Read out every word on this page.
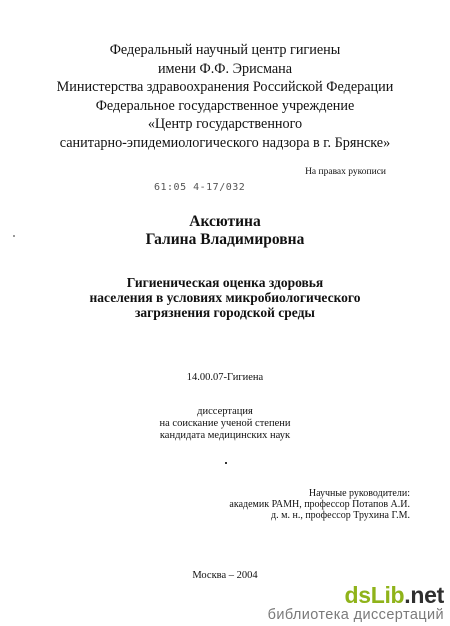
Федеральный научный центр гигиены
имени Ф.Ф. Эрисмана
Министерства здравоохранения Российской Федерации
Федеральное государственное учреждение
«Центр государственного
санитарно-эпидемиологического надзора в г. Брянске»
На правах рукописи
61:05 4-17/032
Аксютина
Галина Владимировна
Гигиеническая оценка здоровья
населения в условиях микробиологического
загрязнения городской среды
14.00.07-Гигиена
диссертация
на соискание ученой степени
кандидата медицинских наук
Научные руководители:
академик РАМН, профессор Потапов А.И.
д. м. н., профессор Трухина Г.М.
Москва – 2004
dsLib.net
библиотека диссертаций
